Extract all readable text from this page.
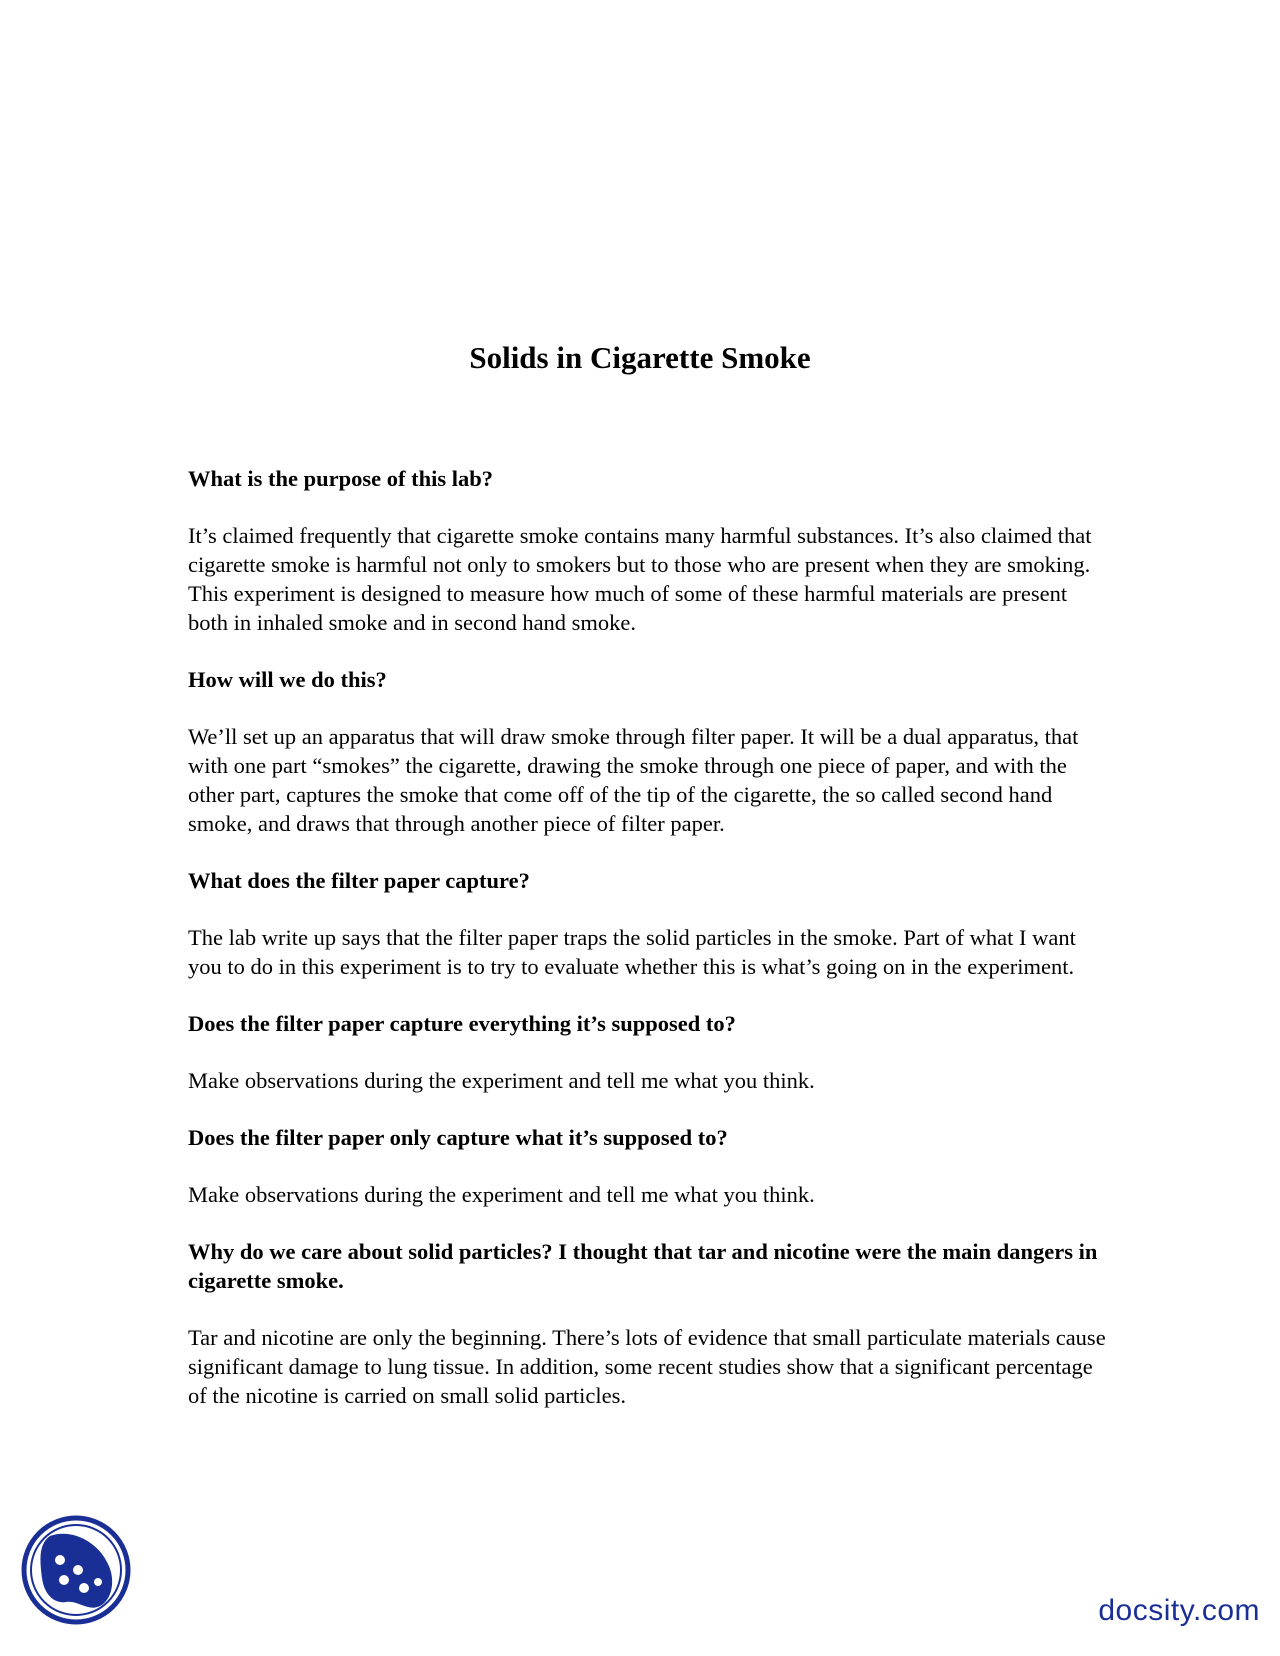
Solids in Cigarette Smoke

What is the purpose of this lab?

It’s claimed frequently that cigarette smoke contains many harmful substances. It’s also claimed that cigarette smoke is harmful not only to smokers but to those who are present when they are smoking. This experiment is designed to measure how much of some of these harmful materials are present both in inhaled smoke and in second hand smoke.

How will we do this?

We’ll set up an apparatus that will draw smoke through filter paper. It will be a dual apparatus, that with one part “smokes” the cigarette, drawing the smoke through one piece of paper, and with the other part, captures the smoke that come off of the tip of the cigarette, the so called second hand smoke, and draws that through another piece of filter paper.

What does the filter paper capture?

The lab write up says that the filter paper traps the solid particles in the smoke. Part of what I want you to do in this experiment is to try to evaluate whether this is what’s going on in the experiment.

Does the filter paper capture everything it’s supposed to?

Make observations during the experiment and tell me what you think.

Does the filter paper only capture what it’s supposed to?

Make observations during the experiment and tell me what you think.

Why do we care about solid particles? I thought that tar and nicotine were the main dangers in cigarette smoke.

Tar and nicotine are only the beginning. There’s lots of evidence that small particulate materials cause significant damage to lung tissue. In addition, some recent studies show that a significant percentage of the nicotine is carried on small solid particles.

docsity.com
